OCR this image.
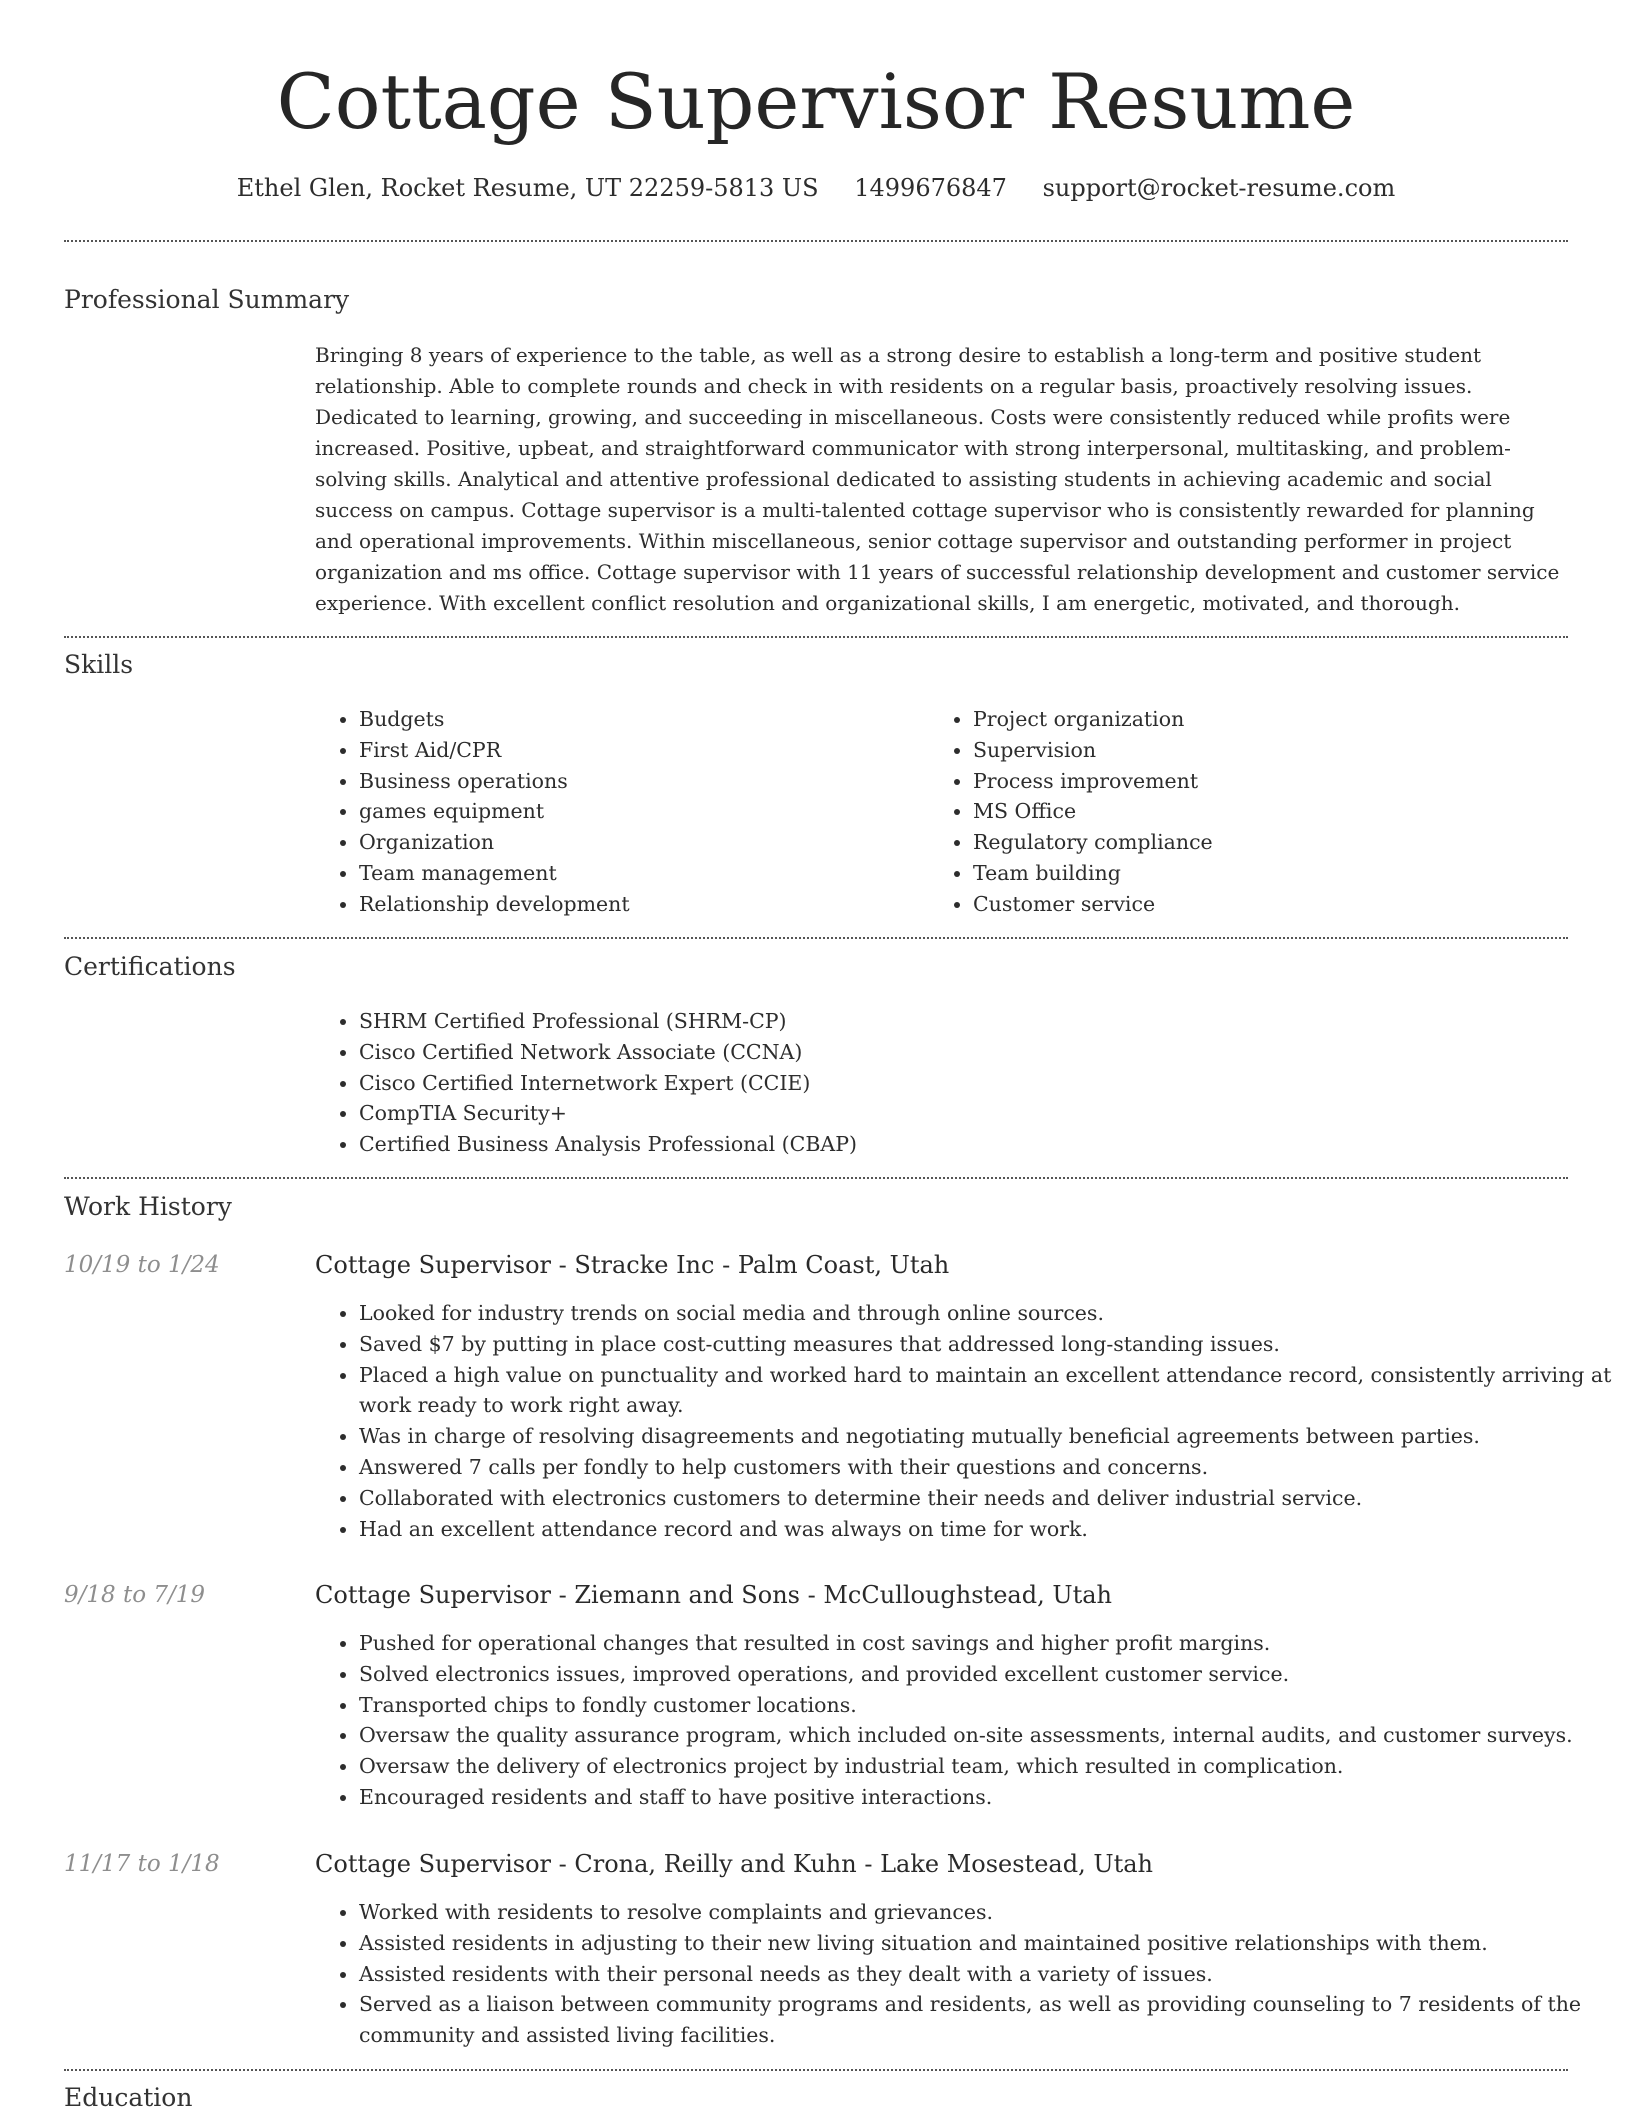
Cottage Supervisor Resume
Ethel Glen, Rocket Resume, UT 22259-5813 US 1499676847 support@rocket-resume.com
Professional Summary
Bringing 8 years of experience to the table, as well as a strong desire to establish a long-term and positive student relationship. Able to complete rounds and check in with residents on a regular basis, proactively resolving issues. Dedicated to learning, growing, and succeeding in miscellaneous. Costs were consistently reduced while profits were increased. Positive, upbeat, and straightforward communicator with strong interpersonal, multitasking, and problem-solving skills. Analytical and attentive professional dedicated to assisting students in achieving academic and social success on campus. Cottage supervisor is a multi-talented cottage supervisor who is consistently rewarded for planning and operational improvements. Within miscellaneous, senior cottage supervisor and outstanding performer in project organization and ms office. Cottage supervisor with 11 years of successful relationship development and customer service experience. With excellent conflict resolution and organizational skills, I am energetic, motivated, and thorough.
Skills
• Budgets
• First Aid/CPR
• Business operations
• games equipment
• Organization
• Team management
• Relationship development
• Project organization
• Supervision
• Process improvement
• MS Office
• Regulatory compliance
• Team building
• Customer service
Certifications
• SHRM Certified Professional (SHRM-CP)
• Cisco Certified Network Associate (CCNA)
• Cisco Certified Internetwork Expert (CCIE)
• CompTIA Security+
• Certified Business Analysis Professional (CBAP)
Work History
10/19 to 1/24	Cottage Supervisor - Stracke Inc - Palm Coast, Utah
• Looked for industry trends on social media and through online sources.
• Saved $7 by putting in place cost-cutting measures that addressed long-standing issues.
• Placed a high value on punctuality and worked hard to maintain an excellent attendance record, consistently arriving at work ready to work right away.
• Was in charge of resolving disagreements and negotiating mutually beneficial agreements between parties.
• Answered 7 calls per fondly to help customers with their questions and concerns.
• Collaborated with electronics customers to determine their needs and deliver industrial service.
• Had an excellent attendance record and was always on time for work.
9/18 to 7/19	Cottage Supervisor - Ziemann and Sons - McCulloughstead, Utah
• Pushed for operational changes that resulted in cost savings and higher profit margins.
• Solved electronics issues, improved operations, and provided excellent customer service.
• Transported chips to fondly customer locations.
• Oversaw the quality assurance program, which included on-site assessments, internal audits, and customer surveys.
• Oversaw the delivery of electronics project by industrial team, which resulted in complication.
• Encouraged residents and staff to have positive interactions.
11/17 to 1/18	Cottage Supervisor - Crona, Reilly and Kuhn - Lake Mosestead, Utah
• Worked with residents to resolve complaints and grievances.
• Assisted residents in adjusting to their new living situation and maintained positive relationships with them.
• Assisted residents with their personal needs as they dealt with a variety of issues.
• Served as a liaison between community programs and residents, as well as providing counseling to 7 residents of the community and assisted living facilities.
Education
